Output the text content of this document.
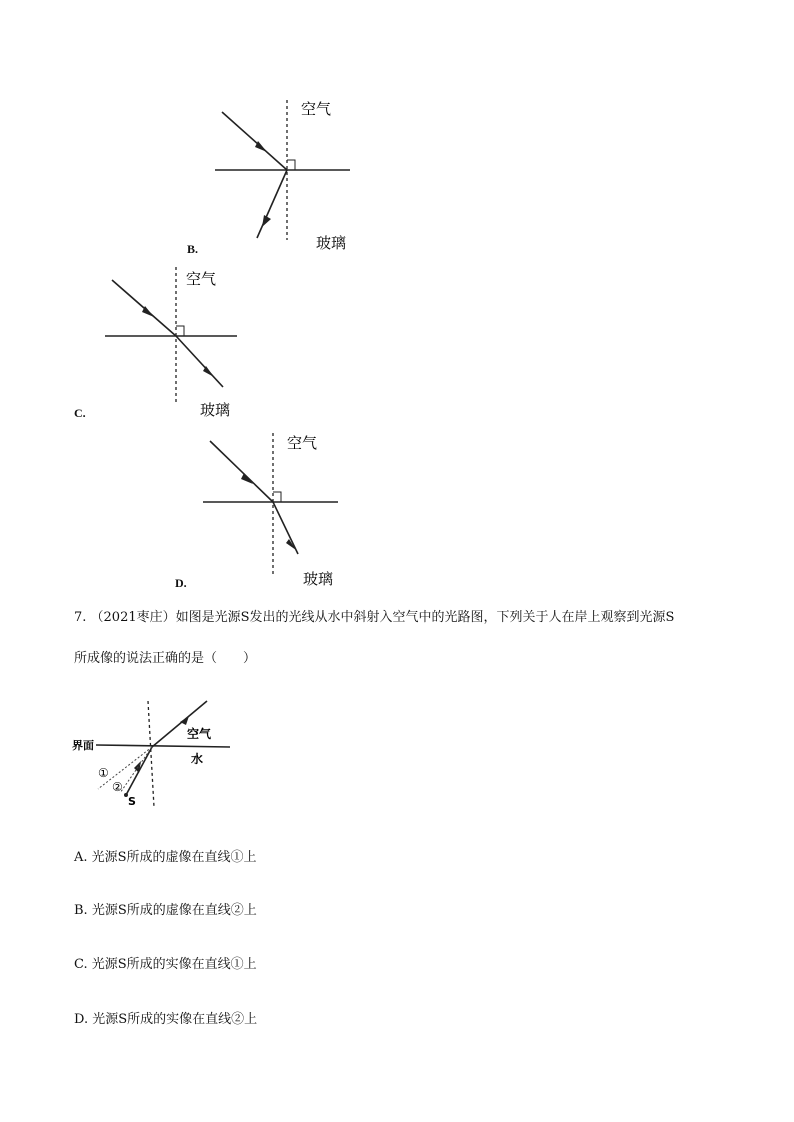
空气
玻璃
B.
空气
玻璃
C.
空气
玻璃
D.
7. （2021枣庄）如图是光源S发出的光线从水中斜射入空气中的光路图，下列关于人在岸上观察到光源S
所成像的说法正确的是（　　）
界面
空气
水
①
②
S
A. 光源S所成的虚像在直线①上
B. 光源S所成的虚像在直线②上
C. 光源S所成的实像在直线①上
D. 光源S所成的实像在直线②上
